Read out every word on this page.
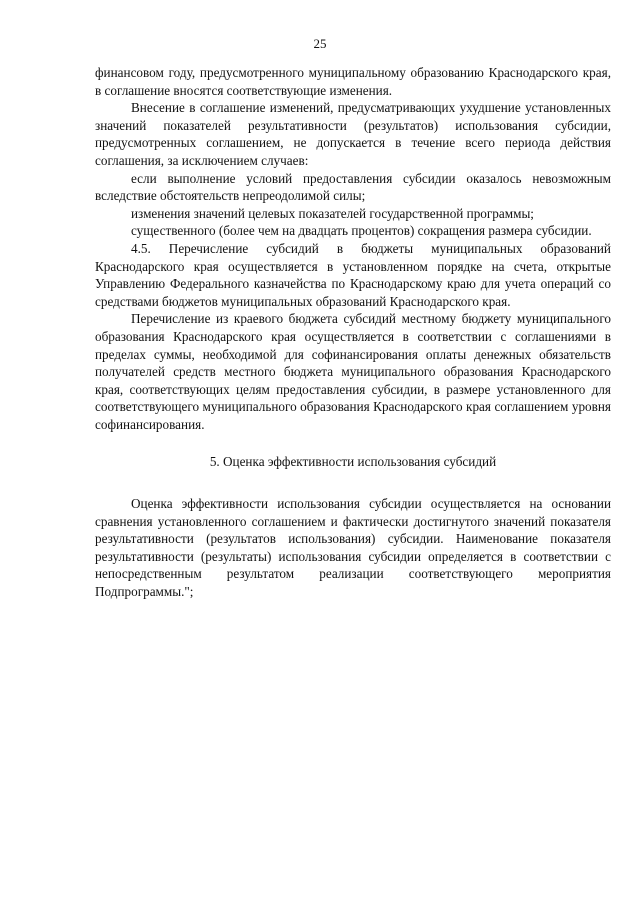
25

финансовом году, предусмотренного муниципальному образованию Краснодарского края, в соглашение вносятся соответствующие изменения.

Внесение в соглашение изменений, предусматривающих ухудшение установленных значений показателей результативности (результатов) использования субсидии, предусмотренных соглашением, не допускается в течение всего периода действия соглашения, за исключением случаев:

если выполнение условий предоставления субсидии оказалось невозможным вследствие обстоятельств непреодолимой силы;

изменения значений целевых показателей государственной программы;

существенного (более чем на двадцать процентов) сокращения размера субсидии.

4.5. Перечисление субсидий в бюджеты муниципальных образований Краснодарского края осуществляется в установленном порядке на счета, открытые Управлению Федерального казначейства по Краснодарскому краю для учета операций со средствами бюджетов муниципальных образований Краснодарского края.

Перечисление из краевого бюджета субсидий местному бюджету муниципального образования Краснодарского края осуществляется в соответствии с соглашениями в пределах суммы, необходимой для софинансирования оплаты денежных обязательств получателей средств местного бюджета муниципального образования Краснодарского края, соответствующих целям предоставления субсидии, в размере установленного для соответствующего муниципального образования Краснодарского края соглашением уровня софинансирования.

5. Оценка эффективности использования субсидий

Оценка эффективности использования субсидии осуществляется на основании сравнения установленного соглашением и фактически достигнутого значений показателя результативности (результатов использования) субсидии. Наименование показателя результативности (результаты) использования субсидии определяется в соответствии с непосредственным результатом реализации соответствующего мероприятия Подпрограммы.";
